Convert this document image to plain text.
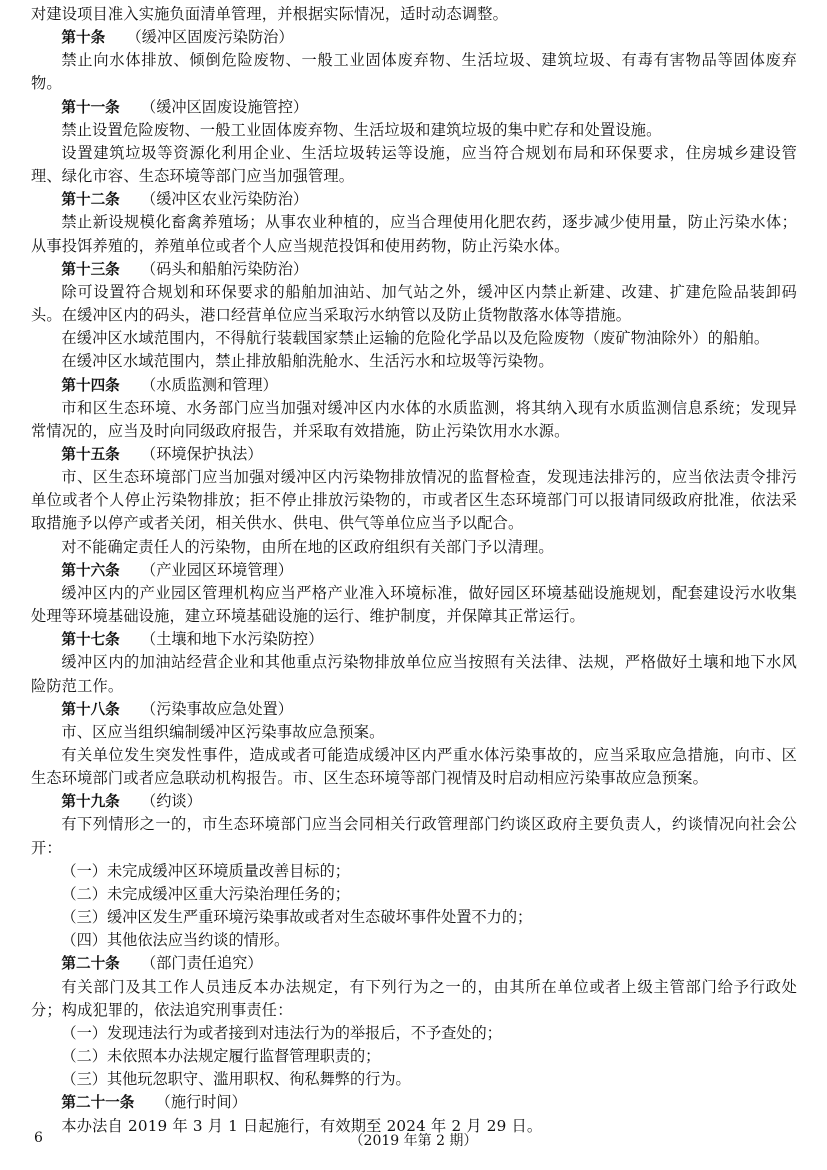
对建设项目准入实施负面清单管理，并根据实际情况，适时动态调整。
第十条 （缓冲区固废污染防治）
禁止向水体排放、倾倒危险废物、一般工业固体废弃物、生活垃圾、建筑垃圾、有毒有害物品等固体废弃物。
第十一条 （缓冲区固废设施管控）
禁止设置危险废物、一般工业固体废弃物、生活垃圾和建筑垃圾的集中贮存和处置设施。
设置建筑垃圾等资源化利用企业、生活垃圾转运等设施，应当符合规划布局和环保要求，住房城乡建设管理、绿化市容、生态环境等部门应当加强管理。
第十二条 （缓冲区农业污染防治）
禁止新设规模化畜禽养殖场；从事农业种植的，应当合理使用化肥农药，逐步减少使用量，防止污染水体；从事投饵养殖的，养殖单位或者个人应当规范投饵和使用药物，防止污染水体。
第十三条 （码头和船舶污染防治）
除可设置符合规划和环保要求的船舶加油站、加气站之外，缓冲区内禁止新建、改建、扩建危险品装卸码头。在缓冲区内的码头，港口经营单位应当采取污水纳管以及防止货物散落水体等措施。
在缓冲区水域范围内，不得航行装载国家禁止运输的危险化学品以及危险废物（废矿物油除外）的船舶。
在缓冲区水域范围内，禁止排放船舶洗舱水、生活污水和垃圾等污染物。
第十四条 （水质监测和管理）
市和区生态环境、水务部门应当加强对缓冲区内水体的水质监测，将其纳入现有水质监测信息系统；发现异常情况的，应当及时向同级政府报告，并采取有效措施，防止污染饮用水水源。
第十五条 （环境保护执法）
市、区生态环境部门应当加强对缓冲区内污染物排放情况的监督检查，发现违法排污的，应当依法责令排污单位或者个人停止污染物排放；拒不停止排放污染物的，市或者区生态环境部门可以报请同级政府批准，依法采取措施予以停产或者关闭，相关供水、供电、供气等单位应当予以配合。
对不能确定责任人的污染物，由所在地的区政府组织有关部门予以清理。
第十六条 （产业园区环境管理）
缓冲区内的产业园区管理机构应当严格产业准入环境标准，做好园区环境基础设施规划，配套建设污水收集处理等环境基础设施，建立环境基础设施的运行、维护制度，并保障其正常运行。
第十七条 （土壤和地下水污染防控）
缓冲区内的加油站经营企业和其他重点污染物排放单位应当按照有关法律、法规，严格做好土壤和地下水风险防范工作。
第十八条 （污染事故应急处置）
市、区应当组织编制缓冲区污染事故应急预案。
有关单位发生突发性事件，造成或者可能造成缓冲区内严重水体污染事故的，应当采取应急措施，向市、区生态环境部门或者应急联动机构报告。市、区生态环境等部门视情及时启动相应污染事故应急预案。
第十九条 （约谈）
有下列情形之一的，市生态环境部门应当会同相关行政管理部门约谈区政府主要负责人，约谈情况向社会公开：
（一）未完成缓冲区环境质量改善目标的；
（二）未完成缓冲区重大污染治理任务的；
（三）缓冲区发生严重环境污染事故或者对生态破坏事件处置不力的；
（四）其他依法应当约谈的情形。
第二十条 （部门责任追究）
有关部门及其工作人员违反本办法规定，有下列行为之一的，由其所在单位或者上级主管部门给予行政处分；构成犯罪的，依法追究刑事责任：
（一）发现违法行为或者接到对违法行为的举报后，不予查处的；
（二）未依照本办法规定履行监督管理职责的；
（三）其他玩忽职守、滥用职权、徇私舞弊的行为。
第二十一条 （施行时间）
本办法自 2019 年 3 月 1 日起施行，有效期至 2024 年 2 月 29 日。
6	（2019 年第 2 期）
